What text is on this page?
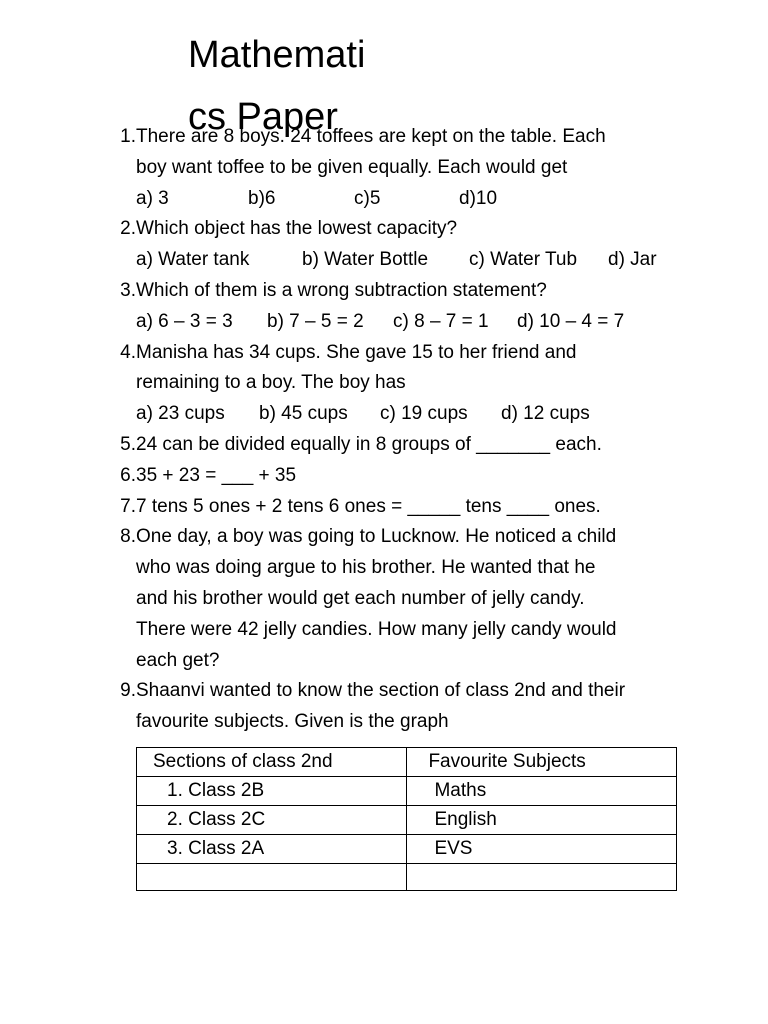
Mathematics Paper
1. There are 8 boys. 24 toffees are kept on the table. Each
boy want toffee to be given equally. Each would get
a) 3	b)6	c)5	d)10
2. Which object has the lowest capacity?
a) Water tank	b) Water Bottle	c) Water Tub	d) Jar
3. Which of them is a wrong subtraction statement?
a) 6 – 3 = 3	b) 7 – 5 = 2	c) 8 – 7 = 1	d) 10 – 4 = 7
4. Manisha has 34 cups. She gave 15 to her friend and
remaining to a boy. The boy has
a) 23 cups	b) 45 cups	c) 19 cups	d) 12 cups
5. 24 can be divided equally in 8 groups of _______ each.
6. 35 + 23 = ___ + 35
7. 7 tens 5 ones + 2 tens 6 ones = _____ tens ____ ones.
8. One day, a boy was going to Lucknow. He noticed a child
who was doing argue to his brother. He wanted that he
and his brother would get each number of jelly candy.
There were 42 jelly candies. How many jelly candy would
each get?
9. Shaanvi wanted to know the section of class 2nd and their
favourite subjects. Given is the graph
Sections of class 2nd	Favourite Subjects
1. Class 2B	Maths
2. Class 2C	English
3. Class 2A	EVS
